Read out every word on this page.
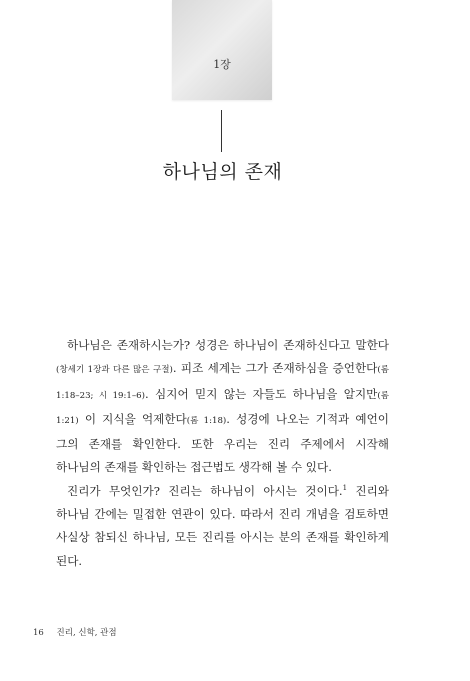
1장
하나님의 존재

하나님은 존재하시는가? 성경은 하나님이 존재하신다고 말한다 (창세기 1장과 다른 많은 구절). 피조 세계는 그가 존재하심을 증언한다(롬 1:18–23; 시 19:1–6). 심지어 믿지 않는 자들도 하나님을 알지만(롬 1:21) 이 지식을 억제한다(롬 1:18). 성경에 나오는 기적과 예언이 그의 존재를 확인한다. 또한 우리는 진리 주제에서 시작해 하나님의 존재를 확인하는 접근법도 생각해 볼 수 있다.

진리가 무엇인가? 진리는 하나님이 아시는 것이다.$^1$ 진리와 하나님 간에는 밀접한 연관이 있다. 따라서 진리 개념을 검토하면 사실상 참되신 하나님, 모든 진리를 아시는 분의 존재를 확인하게 된다.

16 진리, 신학, 관점
